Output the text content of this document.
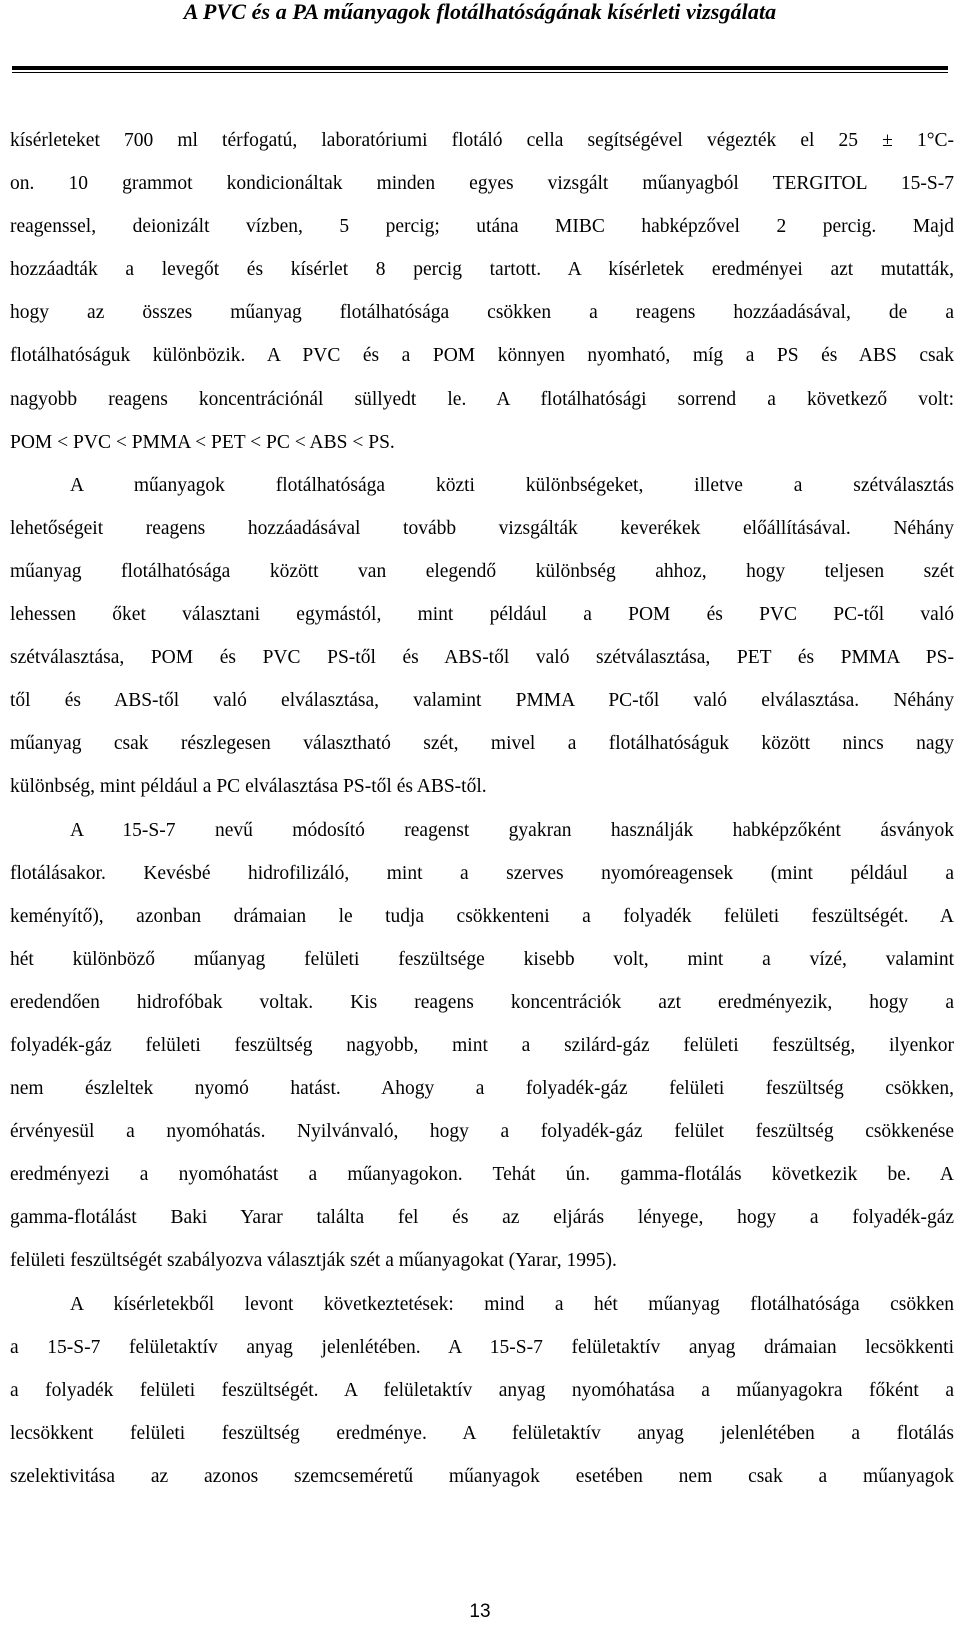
A PVC és a PA műanyagok flotálhatóságának kísérleti vizsgálata
kísérleteket 700 ml térfogatú, laboratóriumi flotáló cella segítségével végezték el 25 ± 1°C-
on. 10 grammot kondicionáltak minden egyes vizsgált műanyagból TERGITOL 15-S-7
reagenssel, deionizált vízben, 5 percig; utána MIBC habképzővel 2 percig. Majd
hozzáadták a levegőt és kísérlet 8 percig tartott. A kísérletek eredményei azt mutatták,
hogy az összes műanyag flotálhatósága csökken a reagens hozzáadásával, de a
flotálhatóságuk különbözik. A PVC és a POM könnyen nyomható, míg a PS és ABS csak
nagyobb reagens koncentrációnál süllyedt le. A flotálhatósági sorrend a következő volt:
POM < PVC < PMMA < PET < PC < ABS < PS.
A műanyagok flotálhatósága közti különbségeket, illetve a szétválasztás
lehetőségeit reagens hozzáadásával tovább vizsgálták keverékek előállításával. Néhány
műanyag flotálhatósága között van elegendő különbség ahhoz, hogy teljesen szét
lehessen őket választani egymástól, mint például a POM és PVC PC-től való
szétválasztása, POM és PVC PS-től és ABS-től való szétválasztása, PET és PMMA PS-
től és ABS-től való elválasztása, valamint PMMA PC-től való elválasztása. Néhány
műanyag csak részlegesen választható szét, mivel a flotálhatóságuk között nincs nagy
különbség, mint például a PC elválasztása PS-től és ABS-től.
A 15-S-7 nevű módosító reagenst gyakran használják habképzőként ásványok
flotálásakor. Kevésbé hidrofilizáló, mint a szerves nyomóreagensek (mint például a
keményítő), azonban drámaian le tudja csökkenteni a folyadék felületi feszültségét. A
hét különböző műanyag felületi feszültsége kisebb volt, mint a vízé, valamint
eredendően hidrofóbak voltak. Kis reagens koncentrációk azt eredményezik, hogy a
folyadék-gáz felületi feszültség nagyobb, mint a szilárd-gáz felületi feszültség, ilyenkor
nem észleltek nyomó hatást. Ahogy a folyadék-gáz felületi feszültség csökken,
érvényesül a nyomóhatás. Nyilvánvaló, hogy a folyadék-gáz felület feszültség csökkenése
eredményezi a nyomóhatást a műanyagokon. Tehát ún. gamma-flotálás következik be. A
gamma-flotálást Baki Yarar találta fel és az eljárás lényege, hogy a folyadék-gáz
felületi feszültségét szabályozva választják szét a műanyagokat (Yarar, 1995).
A kísérletekből levont következtetések: mind a hét műanyag flotálhatósága csökken
a 15-S-7 felületaktív anyag jelenlétében. A 15-S-7 felületaktív anyag drámaian lecsökkenti
a folyadék felületi feszültségét. A felületaktív anyag nyomóhatása a műanyagokra főként a
lecsökkent felületi feszültség eredménye. A felületaktív anyag jelenlétében a flotálás
szelektivitása az azonos szemcseméretű műanyagok esetében nem csak a műanyagok
13
